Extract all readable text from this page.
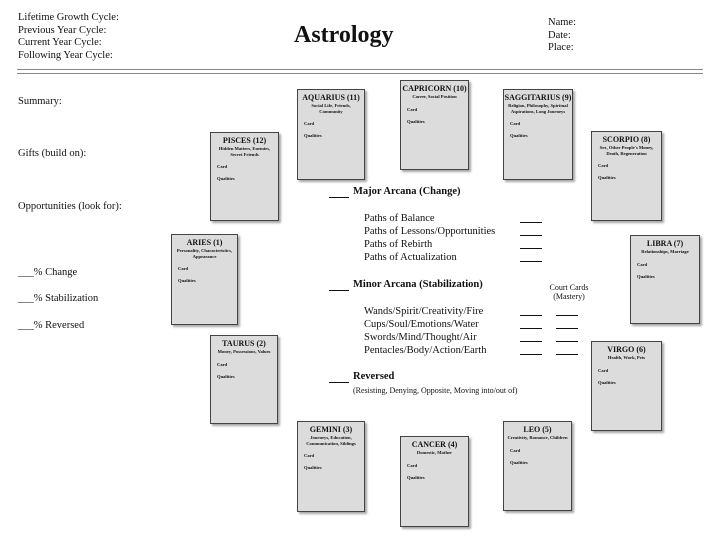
Lifetime Growth Cycle:
Previous Year Cycle:
Current Year Cycle:
Following Year Cycle:
Astrology	Name:
Date:
Place:
Summary:
Gifts (build on):
Opportunities (look for):
___% Change
___% Stabilization
___% Reversed
CAPRICORN (10)
Career, Social Position
Card
Qualities
AQUARIUS (11)
Social Life, Friends, Community
Card
Qualities
SAGGITARIUS (9)
Religion, Philosophy, Spiritual Aspirations, Long Journeys
Card
Qualities
PISCES (12)
Hidden Matters, Enemies, Secret Friends
Card
Qualities
SCORPIO (8)
Sex, Other People's Money, Death, Regeneration
Card
Qualities
ARIES (1)
Personality, Characteristics, Appearance
Card
Qualities
LIBRA (7)
Relationships, Marriage
Card
Qualities
TAURUS (2)
Money, Possessions, Values
Card
Qualities
VIRGO (6)
Health, Work, Pets
Card
Qualities
GEMINI (3)
Journeys, Education, Communication, Siblings
Card
Qualities
LEO (5)
Creativity, Romance, Children
Card
Qualities
CANCER (4)
Domestic, Mother
Card
Qualities
Major Arcana (Change)
Paths of Balance
Paths of Lessons/Opportunities
Paths of Rebirth
Paths of Actualization
Minor Arcana (Stabilization)	Court Cards
(Mastery)
Wands/Spirit/Creativity/Fire
Cups/Soul/Emotions/Water
Swords/Mind/Thought/Air
Pentacles/Body/Action/Earth
Reversed
(Resisting, Denying, Opposite, Moving into/out of)
